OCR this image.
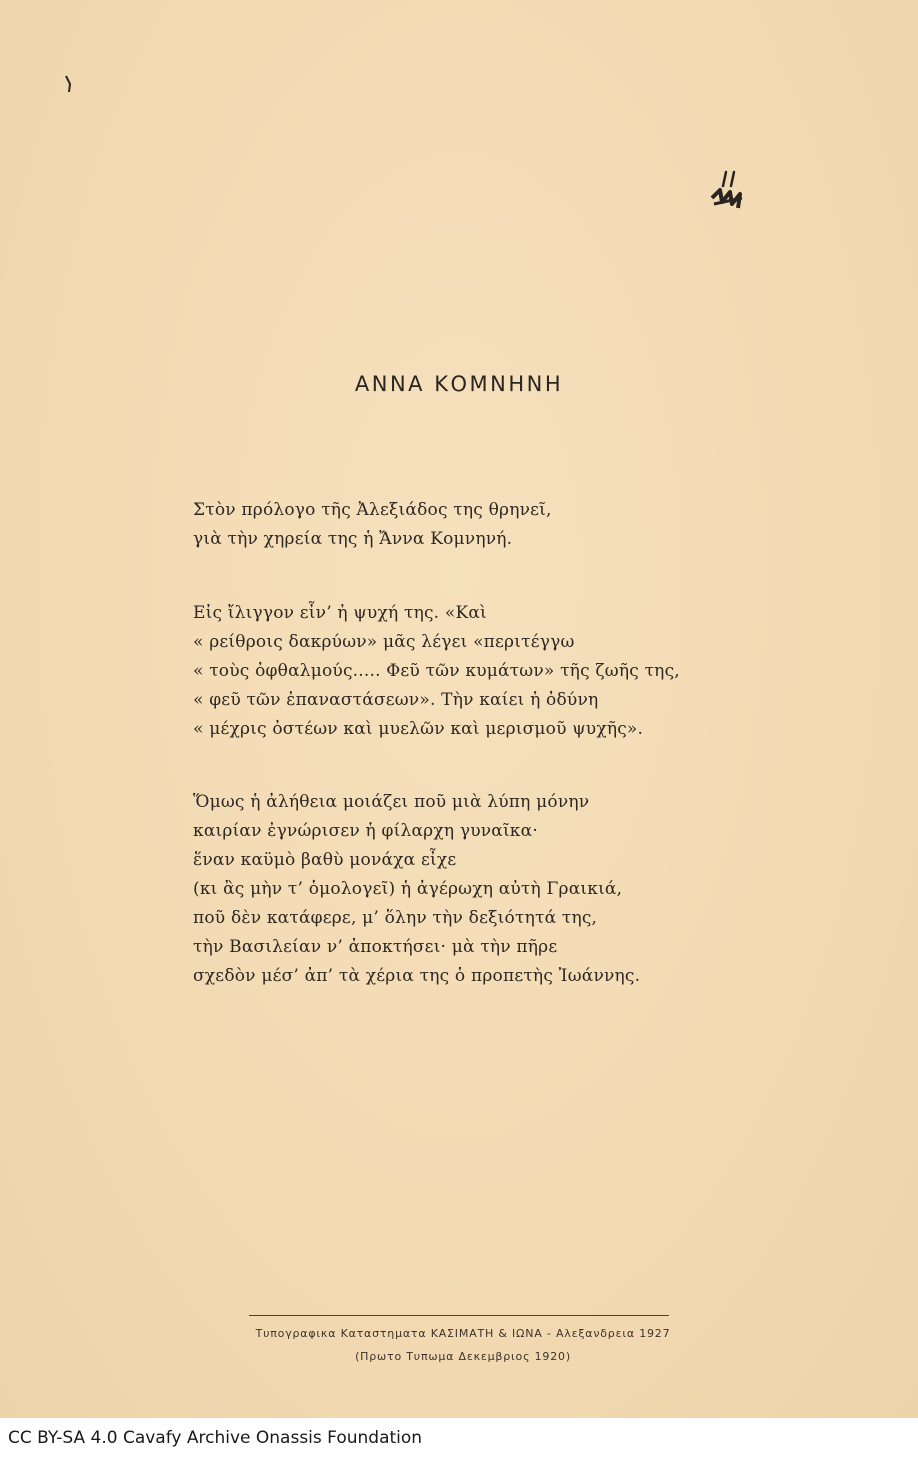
ΑΝΝΑ ΚΟΜΝΗΝΗ
Στὸν πρόλογο τῆς Ἀλεξιάδος της θρηνεῖ,
γιὰ τὴν χηρεία της ἡ Ἄννα Κομνηνή.
Εἰς ἴλιγγον εἶν’ ἡ ψυχή της. «Καὶ
« ρείθροις δακρύων» μᾶς λέγει «περιτέγγω
« τοὺς ὀφθαλμούς..... Φεῦ τῶν κυμάτων» τῆς ζωῆς της,
« φεῦ τῶν ἐπαναστάσεων». Τὴν καίει ἡ ὀδύνη
« μέχρις ὀστέων καὶ μυελῶν καὶ μερισμοῦ ψυχῆς».
Ὅμως ἡ ἀλήθεια μοιάζει ποῦ μιὰ λύπη μόνην
καιρίαν ἐγνώρισεν ἡ φίλαρχη γυναῖκα·
ἕναν καϋμὸ βαθὺ μονάχα εἶχε
(κι ἂς μὴν τ’ ὁμολογεῖ) ἡ ἀγέρωχη αὐτὴ Γραικιά,
ποῦ δὲν κατάφερε, μ’ ὅλην τὴν δεξιότητά της,
τὴν Βασιλείαν ν’ ἀποκτήσει· μὰ τὴν πῆρε
σχεδὸν μέσ’ ἀπ’ τὰ χέρια της ὁ προπετὴς Ἰωάννης.
Τυπογραφικα Καταστηματα ΚΑΣΙΜΑΤΗ & ΙΩΝΑ - Αλεξανδρεια 1927
(Πρωτο Τυπωμα Δεκεμβριος 1920)
CC BY-SA 4.0 Cavafy Archive Onassis Foundation
